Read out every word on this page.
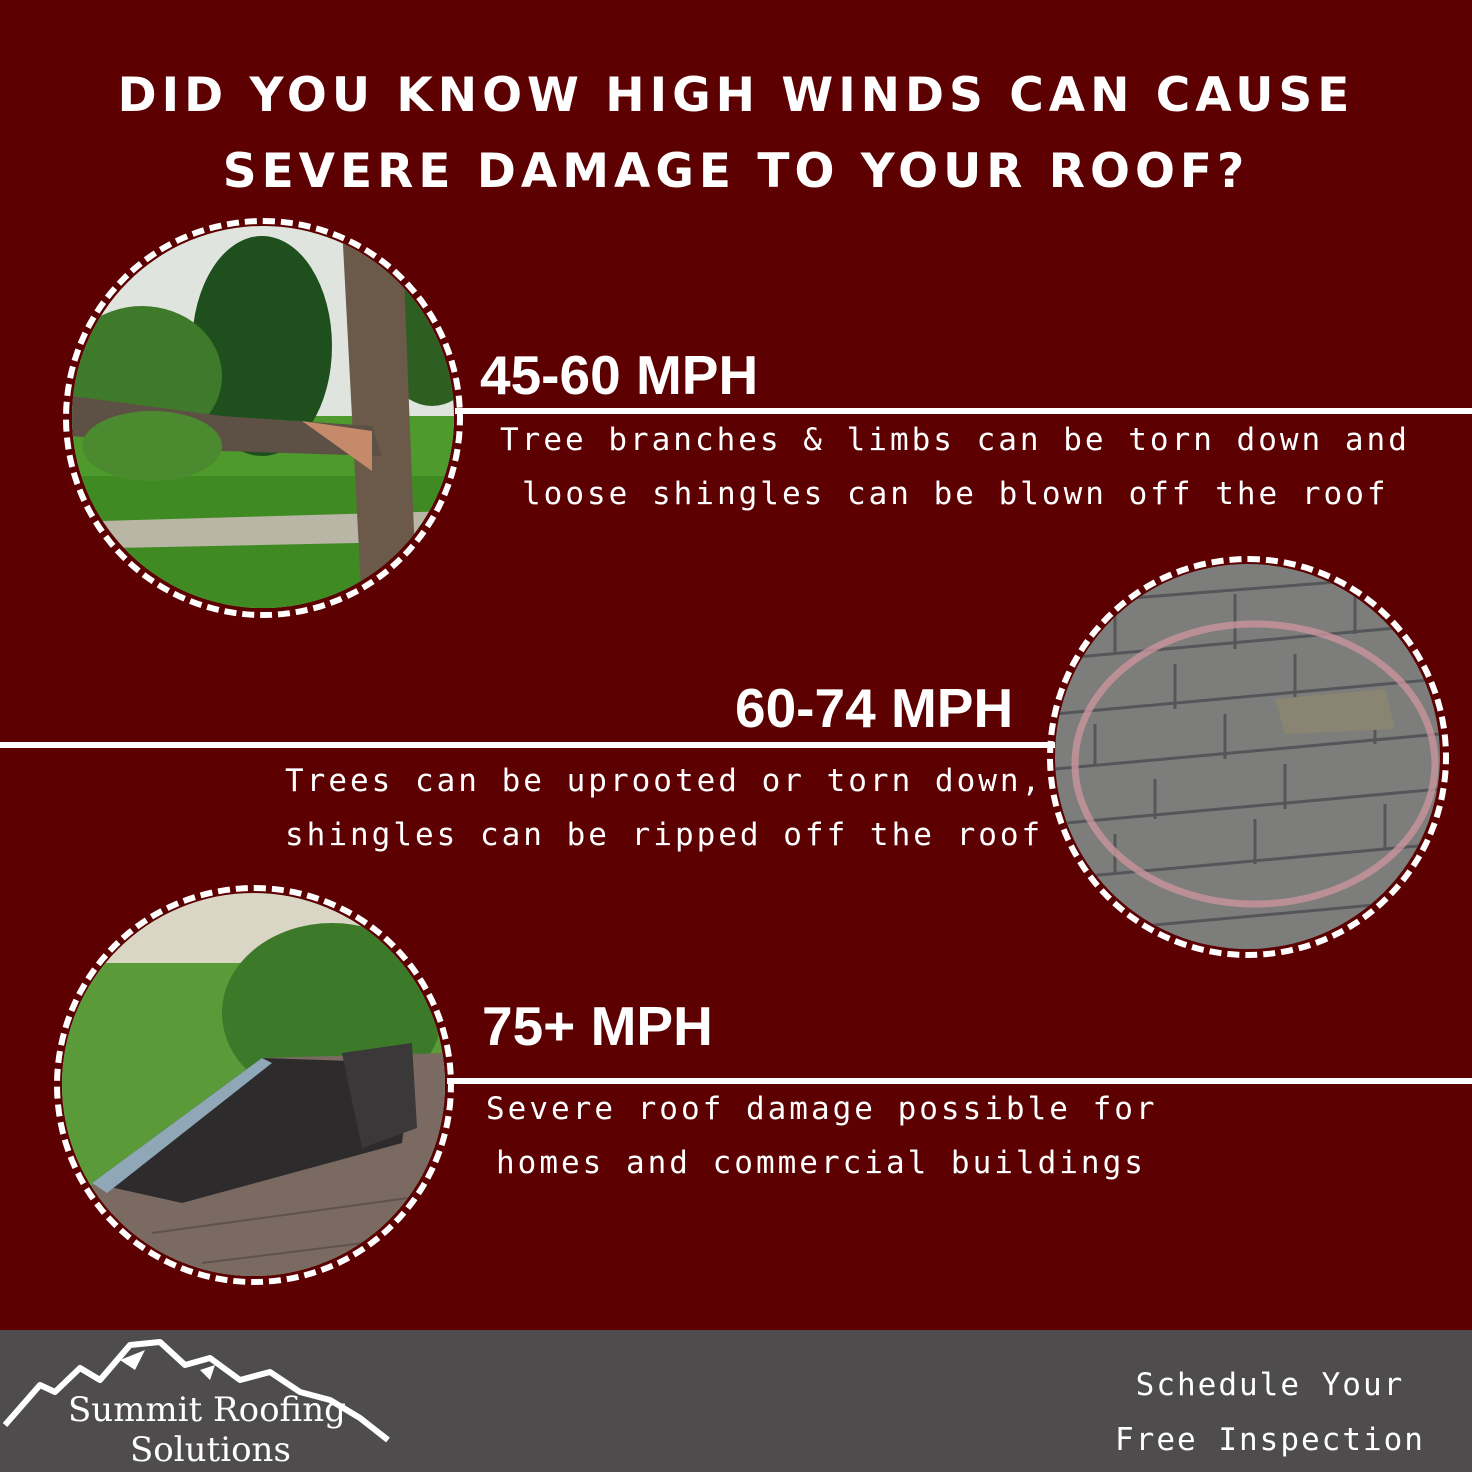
DID YOU KNOW HIGH WINDS CAN CAUSE
SEVERE DAMAGE TO YOUR ROOF?
45-60 MPH
Tree branches & limbs can be torn down and
loose shingles can be blown off the roof
60-74 MPH
Trees can be uprooted or torn down,
shingles can be ripped off the roof
75+ MPH
Severe roof damage possible for
homes and commercial buildings
Summit Roofing
Solutions
Schedule Your
Free Inspection
